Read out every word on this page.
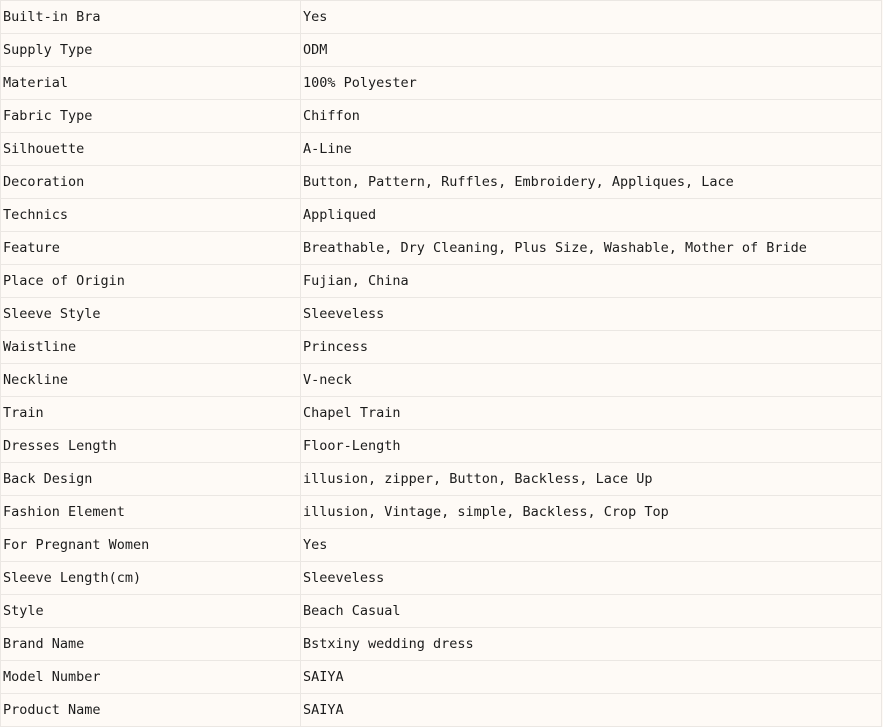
Built-in Bra	Yes
Supply Type	ODM
Material	100% Polyester
Fabric Type	Chiffon
Silhouette	A-Line
Decoration	Button, Pattern, Ruffles, Embroidery, Appliques, Lace
Technics	Appliqued
Feature	Breathable, Dry Cleaning, Plus Size, Washable, Mother of Bride
Place of Origin	Fujian, China
Sleeve Style	Sleeveless
Waistline	Princess
Neckline	V-neck
Train	Chapel Train
Dresses Length	Floor-Length
Back Design	illusion, zipper, Button, Backless, Lace Up
Fashion Element	illusion, Vintage, simple, Backless, Crop Top
For Pregnant Women	Yes
Sleeve Length(cm)	Sleeveless
Style	Beach Casual
Brand Name	Bstxiny wedding dress
Model Number	SAIYA
Product Name	SAIYA
